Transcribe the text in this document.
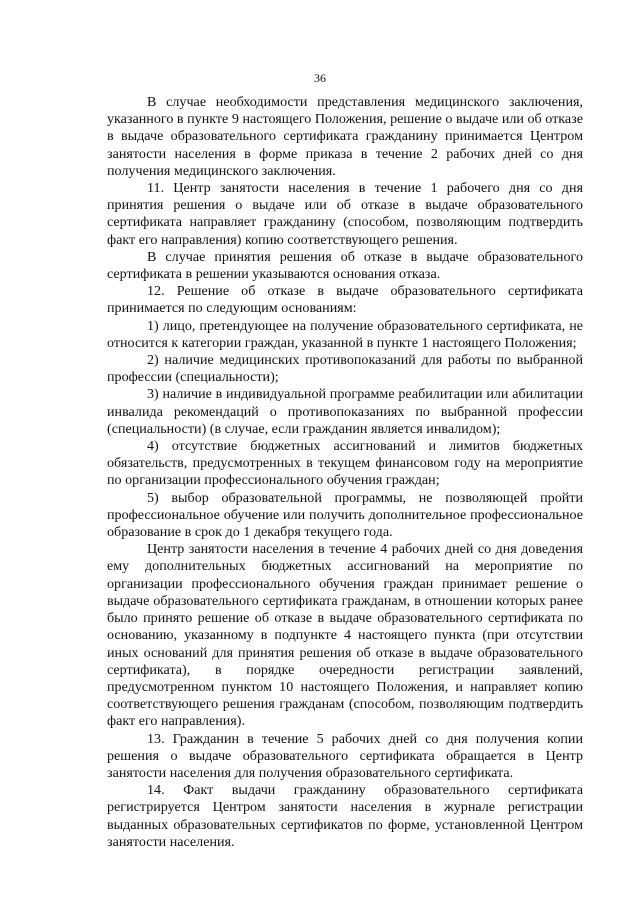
36

В случае необходимости представления медицинского заключения, указанного в пункте 9 настоящего Положения, решение о выдаче или об отказе в выдаче образовательного сертификата гражданину принимается Центром занятости населения в форме приказа в течение 2 рабочих дней со дня получения медицинского заключения.

11. Центр занятости населения в течение 1 рабочего дня со дня принятия решения о выдаче или об отказе в выдаче образовательного сертификата направляет гражданину (способом, позволяющим подтвердить факт его направления) копию соответствующего решения.

В случае принятия решения об отказе в выдаче образовательного сертификата в решении указываются основания отказа.

12. Решение об отказе в выдаче образовательного сертификата принимается по следующим основаниям:

1) лицо, претендующее на получение образовательного сертификата, не относится к категории граждан, указанной в пункте 1 настоящего Положения;

2) наличие медицинских противопоказаний для работы по выбранной профессии (специальности);

3) наличие в индивидуальной программе реабилитации или абилитации инвалида рекомендаций о противопоказаниях по выбранной профессии (специальности) (в случае, если гражданин является инвалидом);

4) отсутствие бюджетных ассигнований и лимитов бюджетных обязательств, предусмотренных в текущем финансовом году на мероприятие по организации профессионального обучения граждан;

5) выбор образовательной программы, не позволяющей пройти профессиональное обучение или получить дополнительное профессиональное образование в срок до 1 декабря текущего года.

Центр занятости населения в течение 4 рабочих дней со дня доведения ему дополнительных бюджетных ассигнований на мероприятие по организации профессионального обучения граждан принимает решение о выдаче образовательного сертификата гражданам, в отношении которых ранее было принято решение об отказе в выдаче образовательного сертификата по основанию, указанному в подпункте 4 настоящего пункта (при отсутствии иных оснований для принятия решения об отказе в выдаче образовательного сертификата), в порядке очередности регистрации заявлений, предусмотренном пунктом 10 настоящего Положения, и направляет копию соответствующего решения гражданам (способом, позволяющим подтвердить факт его направления).

13. Гражданин в течение 5 рабочих дней со дня получения копии решения о выдаче образовательного сертификата обращается в Центр занятости населения для получения образовательного сертификата.

14. Факт выдачи гражданину образовательного сертификата регистрируется Центром занятости населения в журнале регистрации выданных образовательных сертификатов по форме, установленной Центром занятости населения.
